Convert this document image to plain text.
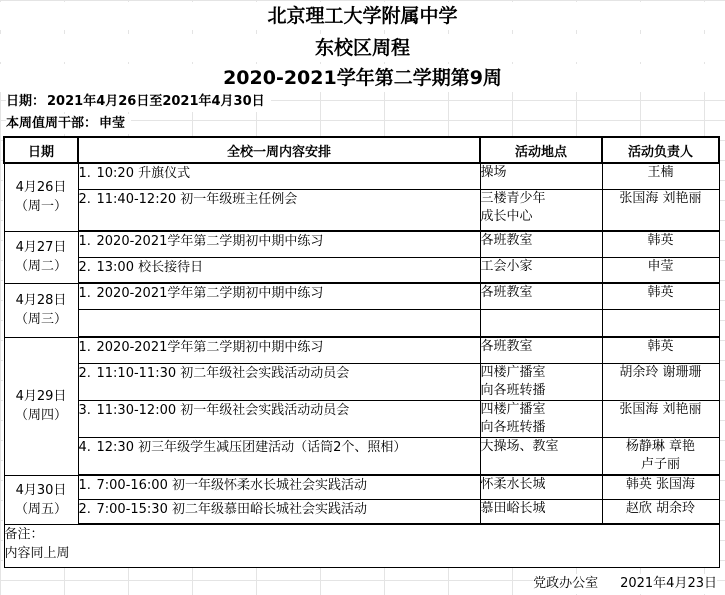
北京理工大学附属中学
东校区周程
2020-2021学年第二学期第9周
日期： 2021年4月26日至2021年4月30日
本周值周干部： 申莹
日期	全校一周内容安排	活动地点	活动负责人

4月26日
（周一）	1. 10:20 升旗仪式	操场	王楠

	2. 11:40-12:20 初一年级班主任例会	三楼青少年
成长中心	张国海 刘艳丽

4月27日
（周二）	1. 2020-2021学年第二学期初中期中练习	各班教室	韩英

	2. 13:00 校长接待日	工会小家	申莹

4月28日
（周三）	1. 2020-2021学年第二学期初中期中练习	各班教室	韩英

4月29日
（周四）	1. 2020-2021学年第二学期初中期中练习	各班教室	韩英

	2. 11:10-11:30 初二年级社会实践活动动员会	四楼广播室
向各班转播	胡余玲 谢珊珊

	3. 11:30-12:00 初一年级社会实践活动动员会	四楼广播室
向各班转播	张国海 刘艳丽

	4. 12:30 初三年级学生减压团建活动（话筒2个、照相）	大操场、教室	杨静琳 章艳
卢子丽

4月30日
（周五）	1. 7:00-16:00 初一年级怀柔水长城社会实践活动	怀柔水长城	韩英 张国海

	2. 7:00-15:30 初二年级慕田峪长城社会实践活动	慕田峪长城	赵欣 胡余玲

备注：
内容同上周			
党政办公室 2021年4月23日
